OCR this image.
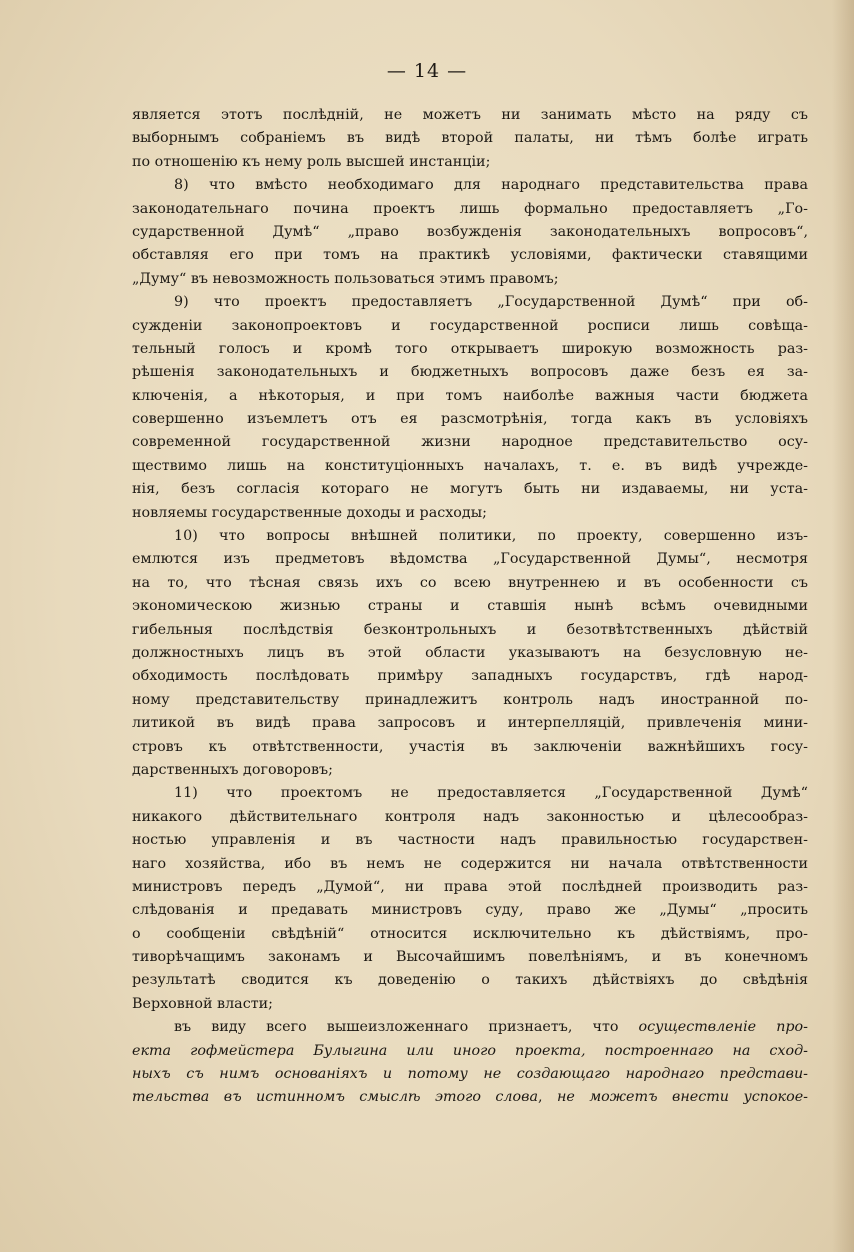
— 14 —
является этотъ послѣдній, не можетъ ни занимать мѣсто на ряду съ
выборнымъ собраніемъ въ видѣ второй палаты, ни тѣмъ болѣе играть
по отношенію къ нему роль высшей инстанціи;
8) что вмѣсто необходимаго для народнаго представительства права
законодательнаго почина проектъ лишь формально предоставляетъ „Го-
сударственной Думѣ“ „право возбужденія законодательныхъ вопросовъ“,
обставляя его при томъ на практикѣ условіями, фактически ставящими
„Думу“ въ невозможность пользоваться этимъ правомъ;
9) что проектъ предоставляетъ „Государственной Думѣ“ при об-
сужденіи законопроектовъ и государственной росписи лишь совѣща-
тельный голосъ и кромѣ того открываетъ широкую возможность раз-
рѣшенія законодательныхъ и бюджетныхъ вопросовъ даже безъ ея за-
ключенія, а нѣкоторыя, и при томъ наиболѣе важныя части бюджета
совершенно изъемлетъ отъ ея разсмотрѣнія, тогда какъ въ условіяхъ
современной государственной жизни народное представительство осу-
ществимо лишь на конституціонныхъ началахъ, т. е. въ видѣ учрежде-
нія, безъ согласія котораго не могутъ быть ни издаваемы, ни уста-
новляемы государственные доходы и расходы;
10) что вопросы внѣшней политики, по проекту, совершенно изъ-
емлются изъ предметовъ вѣдомства „Государственной Думы“, несмотря
на то, что тѣсная связь ихъ со всею внутреннею и въ особенности съ
экономическою жизнью страны и ставшія нынѣ всѣмъ очевидными
гибельныя послѣдствія безконтрольныхъ и безотвѣтственныхъ дѣйствій
должностныхъ лицъ въ этой области указываютъ на безусловную не-
обходимость послѣдовать примѣру западныхъ государствъ, гдѣ народ-
ному представительству принадлежитъ контроль надъ иностранной по-
литикой въ видѣ права запросовъ и интерпелляцій, привлеченія мини-
стровъ къ отвѣтственности, участія въ заключеніи важнѣйшихъ госу-
дарственныхъ договоровъ;
11) что проектомъ не предоставляется „Государственной Думѣ“
никакого дѣйствительнаго контроля надъ законностью и цѣлесообраз-
ностью управленія и въ частности надъ правильностью государствен-
наго хозяйства, ибо въ немъ не содержится ни начала отвѣтственности
министровъ передъ „Думой“, ни права этой послѣдней производить раз-
слѣдованія и предавать министровъ суду, право же „Думы“ „просить
о сообщеніи свѣдѣній“ относится исключительно къ дѣйствіямъ, про-
тиворѣчащимъ законамъ и Высочайшимъ повелѣніямъ, и въ конечномъ
результатѣ сводится къ доведенію о такихъ дѣйствіяхъ до свѣдѣнія
Верховной власти;
въ виду всего вышеизложеннаго признаетъ, что осуществленіе про-
екта гофмейстера Булыгина или иного проекта, построеннаго на сход-
ныхъ съ нимъ основаніяхъ и потому не создающаго народнаго представи-
тельства въ истинномъ смыслѣ этого слова, не можетъ внести успокое-
